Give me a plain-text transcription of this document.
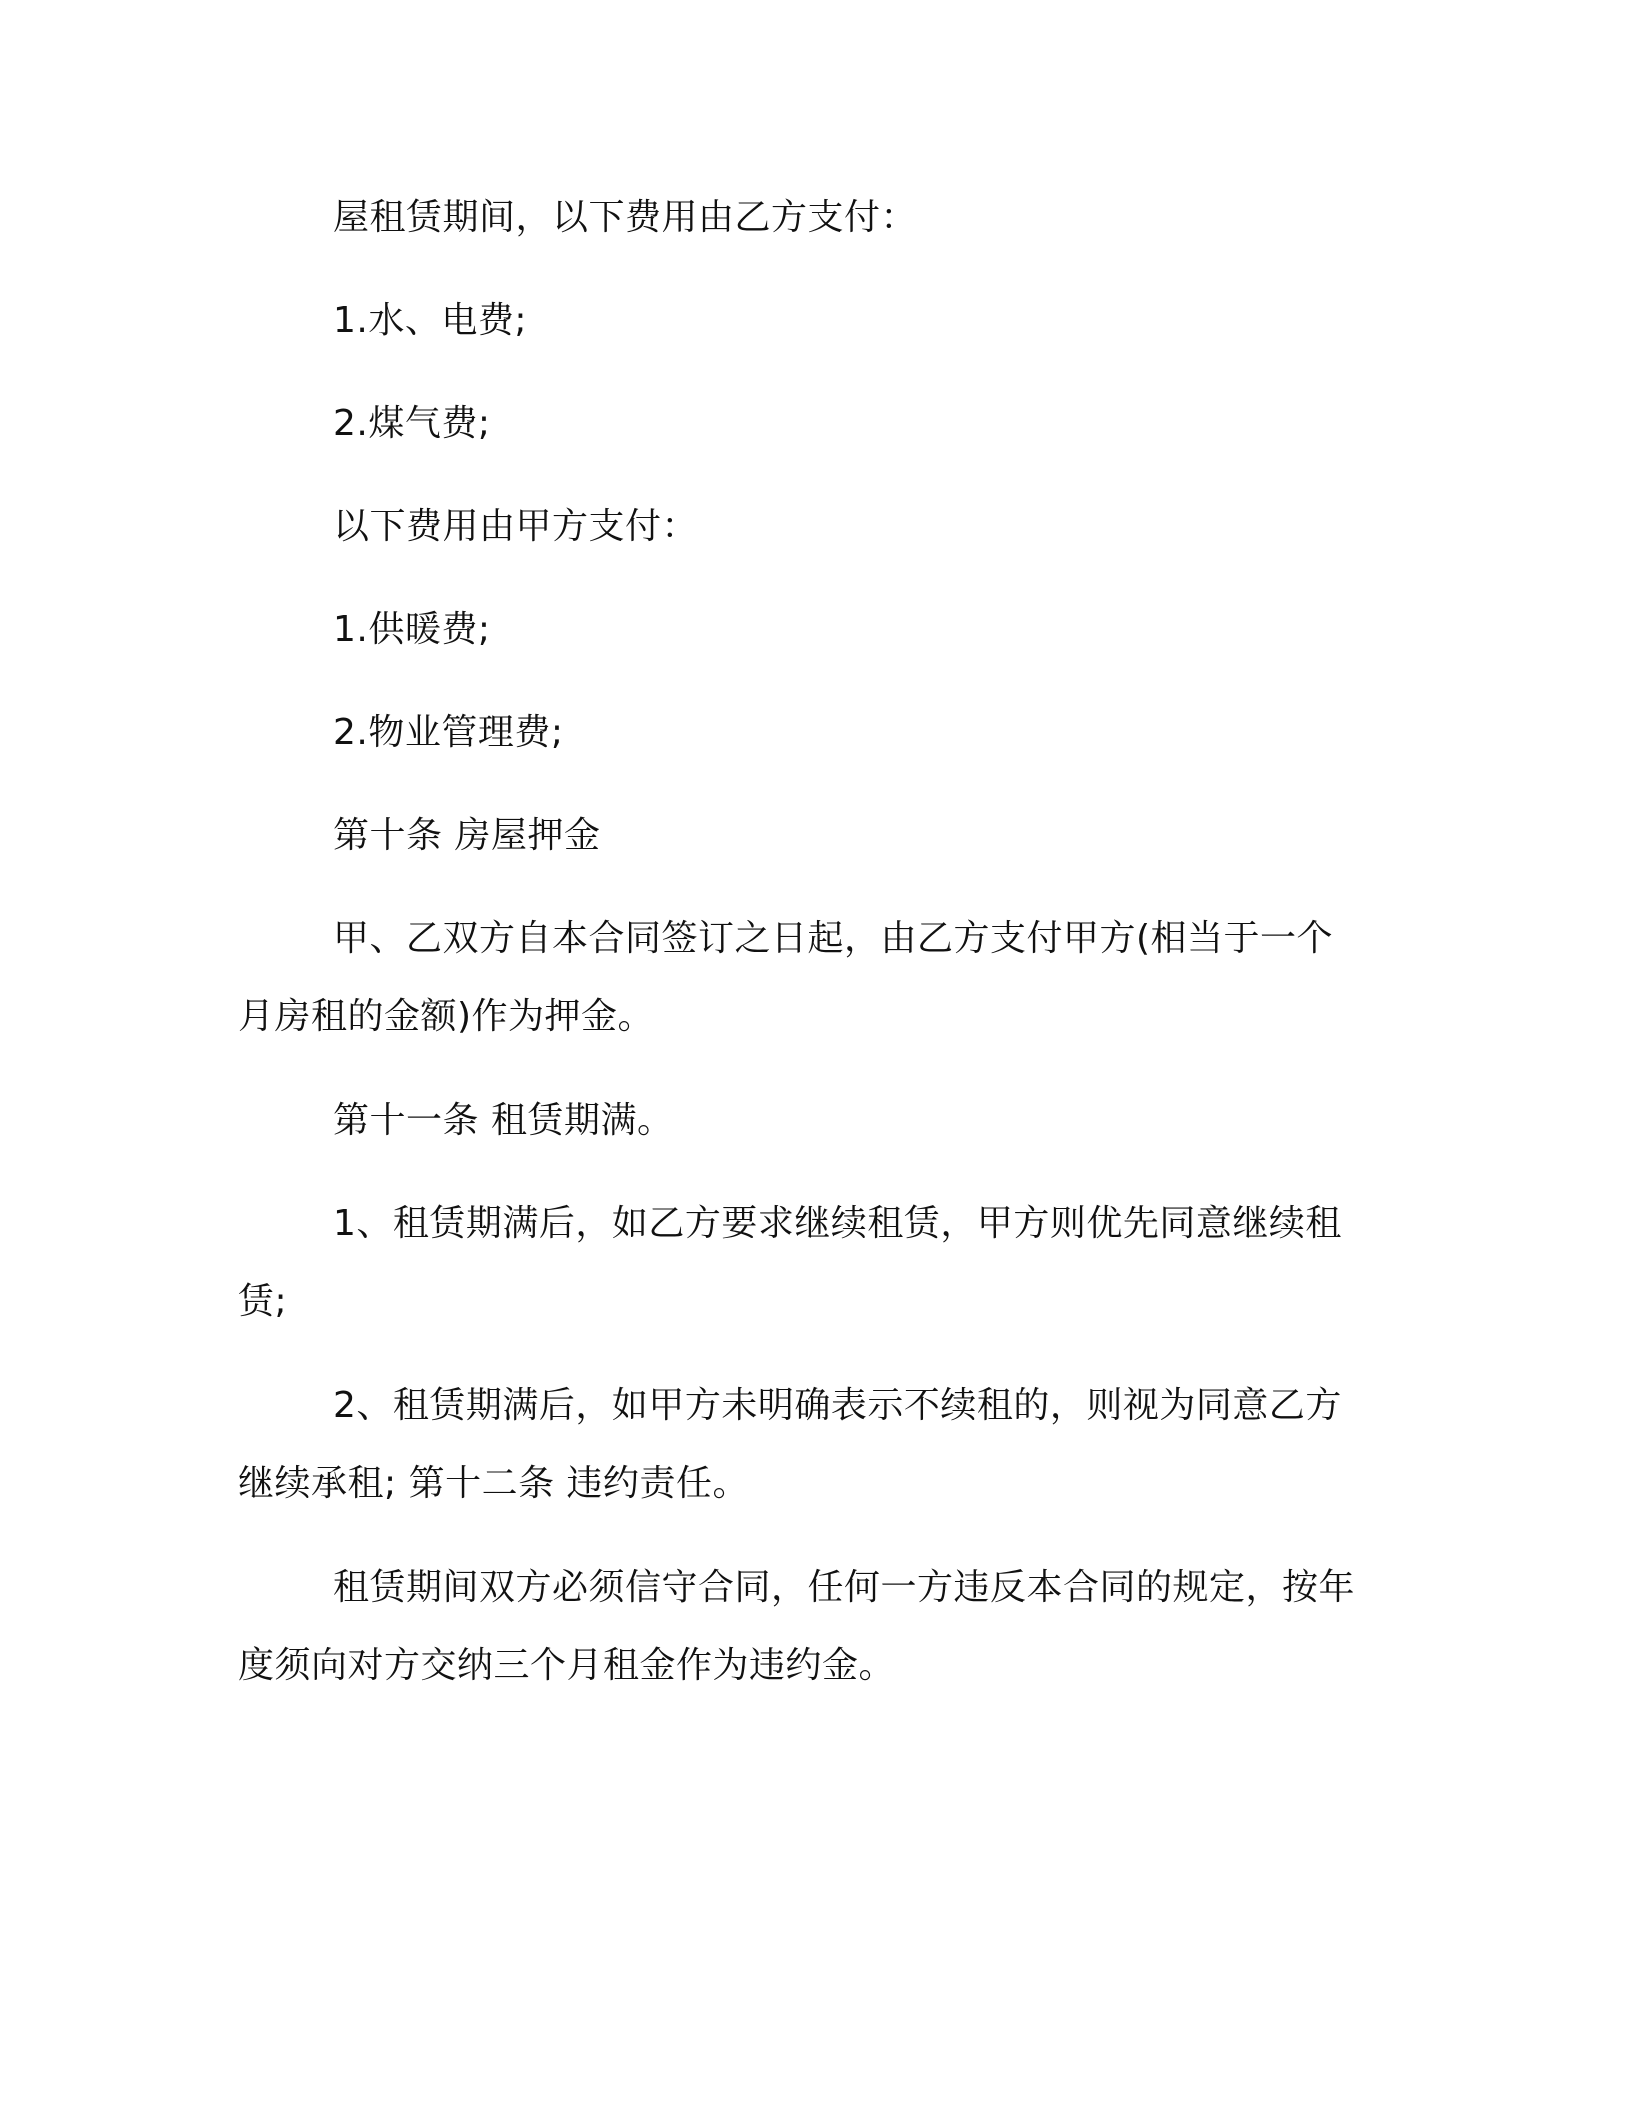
屋租赁期间，以下费用由乙方支付：
1.水、电费;
2.煤气费;
以下费用由甲方支付：
1.供暖费;
2.物业管理费;
第十条 房屋押金
甲、乙双方自本合同签订之日起，由乙方支付甲方(相当于一个
月房租的金额)作为押金。
第十一条 租赁期满。
1、租赁期满后，如乙方要求继续租赁，甲方则优先同意继续租
赁;
2、租赁期满后，如甲方未明确表示不续租的，则视为同意乙方
继续承租; 第十二条 违约责任。
租赁期间双方必须信守合同，任何一方违反本合同的规定，按年
度须向对方交纳三个月租金作为违约金。
